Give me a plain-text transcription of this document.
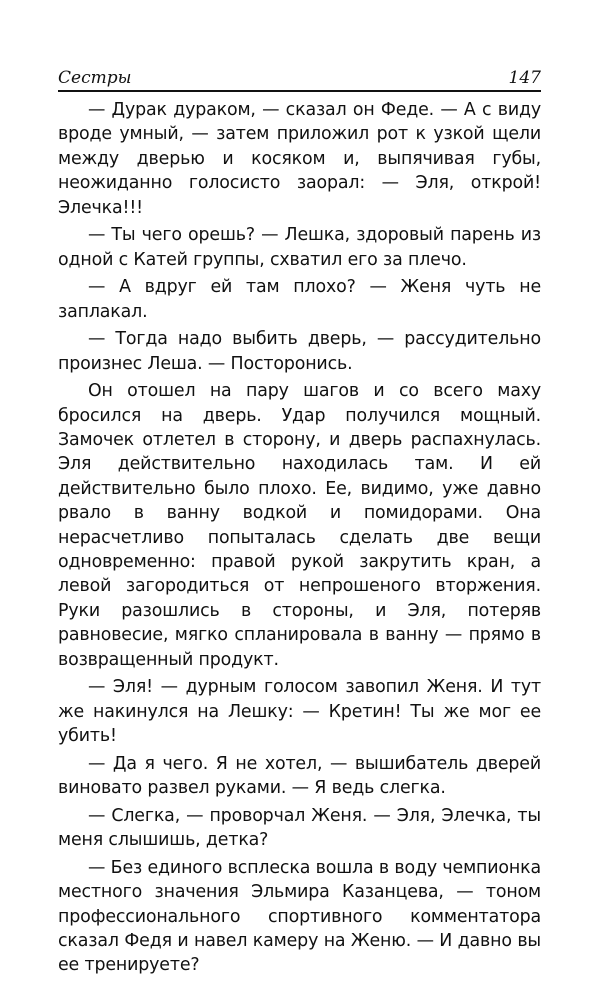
Сестры	147

— Дурак дураком, — сказал он Феде. — А с виду вроде умный, — затем приложил рот к узкой щели между дверью и косяком и, выпячивая губы, неожиданно голосисто заорал: — Эля, открой! Элечка!!!

— Ты чего орешь? — Лешка, здоровый парень из одной с Катей группы, схватил его за плечо.

— А вдруг ей там плохо? — Женя чуть не заплакал.

— Тогда надо выбить дверь, — рассудительно произнес Леша. — Посторонись.

Он отошел на пару шагов и со всего маху бросился на дверь. Удар получился мощный. Замочек отлетел в сторону, и дверь распахнулась. Эля действительно находилась там. И ей действительно было плохо. Ее, видимо, уже давно рвало в ванну водкой и помидорами. Она нерасчетливо попыталась сделать две вещи одновременно: правой рукой закрутить кран, а левой загородиться от непрошеного вторжения. Руки разошлись в стороны, и Эля, потеряв равновесие, мягко спланировала в ванну — прямо в возвращенный продукт.

— Эля! — дурным голосом завопил Женя. И тут же накинулся на Лешку: — Кретин! Ты же мог ее убить!

— Да я чего. Я не хотел, — вышибатель дверей виновато развел руками. — Я ведь слегка.

— Слегка, — проворчал Женя. — Эля, Элечка, ты меня слышишь, детка?

— Без единого всплеска вошла в воду чемпионка местного значения Эльмира Казанцева, — тоном профессионального спортивного комментатора сказал Федя и навел камеру на Женю. — И давно вы ее тренируете?
